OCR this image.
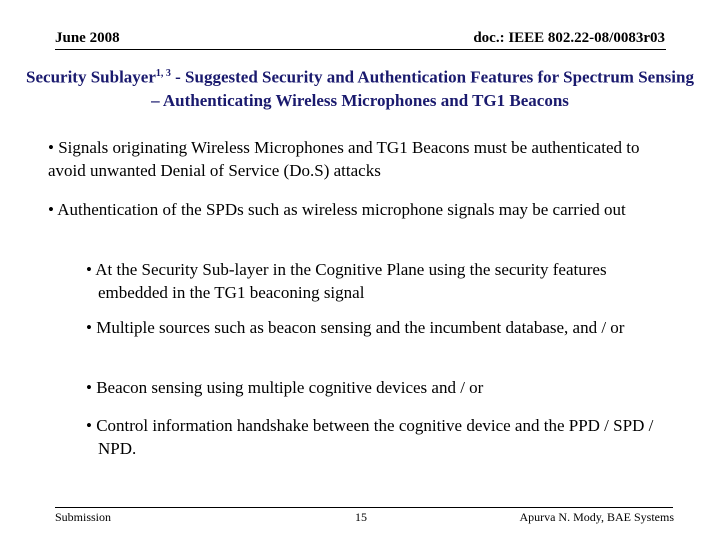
June 2008	doc.: IEEE 802.22-08/0083r03
Security Sublayer$^{1, 3}$ - Suggested Security and Authentication Features for Spectrum Sensing – Authenticating Wireless Microphones and TG1 Beacons
• Signals originating Wireless Microphones and TG1 Beacons must be authenticated to avoid unwanted Denial of Service (Do.S) attacks
• Authentication of the SPDs such as wireless microphone signals may be carried out
• At the Security Sub-layer in the Cognitive Plane using the security features embedded in the TG1 beaconing signal
• Multiple sources such as beacon sensing and the incumbent database, and / or
• Beacon sensing using multiple cognitive devices and / or
• Control information handshake between the cognitive device and the PPD / SPD / NPD.
Submission	15	Apurva N. Mody, BAE Systems
